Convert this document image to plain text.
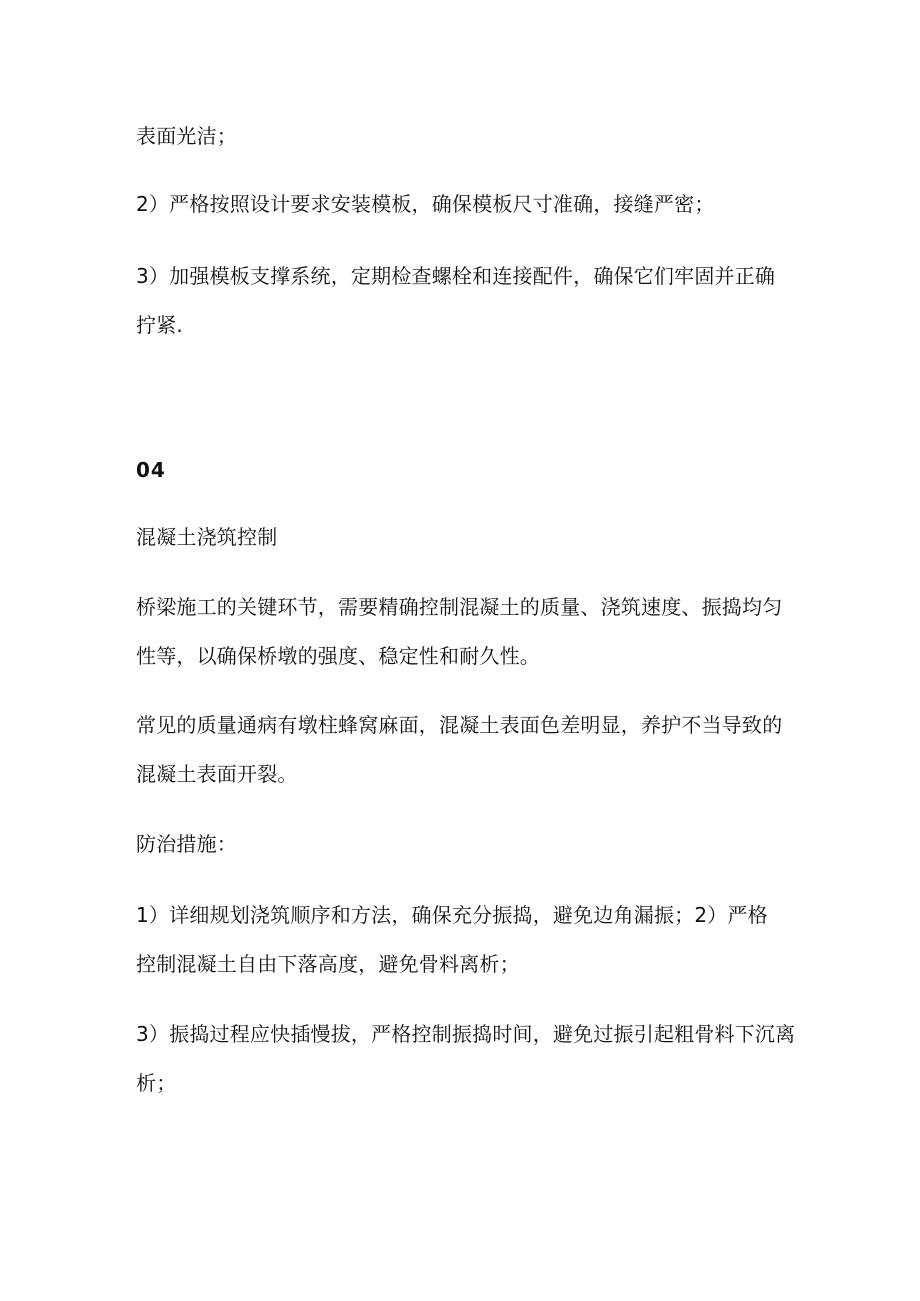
表面光洁；
2）严格按照设计要求安装模板，确保模板尺寸准确，接缝严密；
3）加强模板支撑系统，定期检查螺栓和连接配件，确保它们牢固并正确
拧紧.
04
混凝土浇筑控制
桥梁施工的关键环节，需要精确控制混凝土的质量、浇筑速度、振捣均匀
性等，以确保桥墩的强度、稳定性和耐久性。
常见的质量通病有墩柱蜂窝麻面，混凝土表面色差明显，养护不当导致的
混凝土表面开裂。
防治措施：
1）详细规划浇筑顺序和方法，确保充分振捣，避免边角漏振；2）严格
控制混凝土自由下落高度，避免骨料离析；
3）振捣过程应快插慢拔，严格控制振捣时间，避免过振引起粗骨料下沉离
析；
